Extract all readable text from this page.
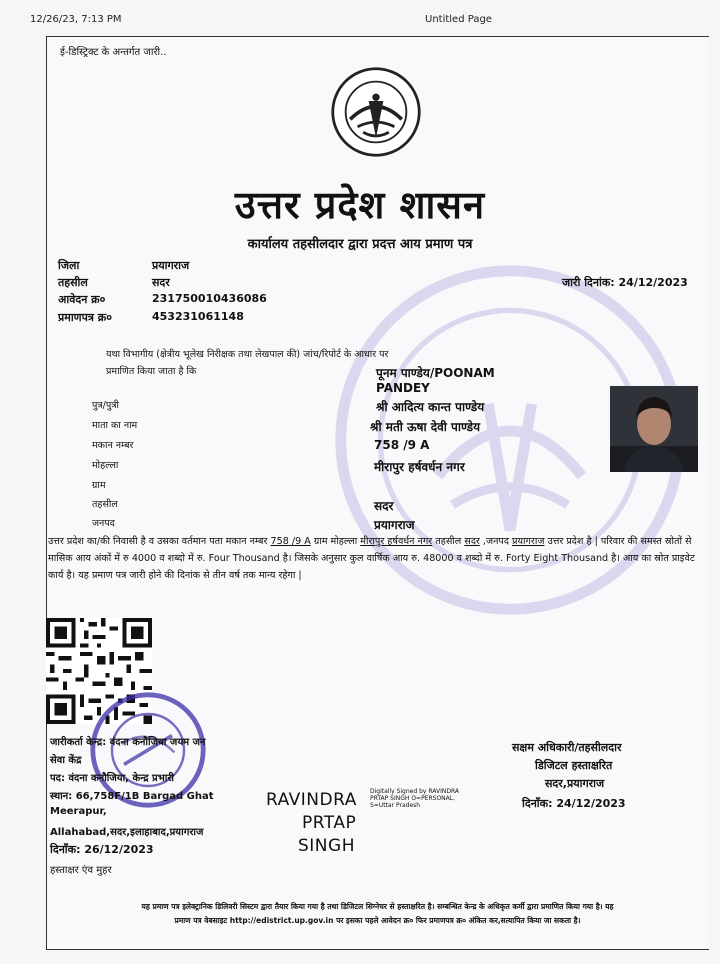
12/26/23, 7:13 PM	Untitled Page
ई-डिस्ट्रिक्ट के अन्तर्गत जारी..
उत्तर प्रदेश शासन
कार्यालय तहसीलदार द्वारा प्रदत्त आय प्रमाण पत्र
जिला	प्रयागराज
तहसील	सदर
आवेदन क्र०	231750010436086
प्रमाणपत्र क्र०	453231061148
जारी दिनांक: 24/12/2023
यथा विभागीय (क्षेत्रीय भूलेख निरीक्षक तथा लेखपाल की) जांच/रिपोर्ट के आधार पर
प्रमाणित किया जाता है कि	पूनम पाण्डेय/POONAM
PANDEY
पुत्र/पुत्री	श्री आदित्य कान्त पाण्डेय
माता का नाम	श्री मती ऊषा देवी पाण्डेय
मकान नम्बर	758 /9 A
मोहल्ला	मीरापुर हर्षवर्धन नगर
ग्राम
तहसील	सदर
जनपद	प्रयागराज
उत्तर प्रदेश का/की निवासी है व उसका वर्तमान पता मकान नम्बर 758 /9 A ग्राम मोहल्ला मीरापुर हर्षवर्धन नगर तहसील सदर ,जनपद प्रयागराज उत्तर प्रदेश है | परिवार की समस्त स्रोतों से मासिक आय अंकों में रु 4000 व शब्दो में रु. Four Thousand है। जिसके अनुसार कुल वार्षिक आय रु. 48000 व शब्दो में रु. Forty Eight Thousand है। आय का स्रोत प्राइवेट कार्य है। यह प्रमाण पत्र जारी होने की दिनांक से तीन वर्ष तक मान्य रहेगा |
जारीकर्ता केन्द्र: वंदना कनौजिया जयम जन
सेवा केंद्र
पद: वंदना कनौजिया, केन्द्र प्रभारी
स्थान: 66,758F/1B Bargad Ghat
Meerapur,
Allahabad,सदर,इलाहाबाद,प्रयागराज
दिनाँक: 26/12/2023
हस्ताक्षर एंव मुहर
RAVINDRA
PRTAP
SINGH
Digitally Signed by RAVINDRA PRTAP SINGH O=PERSONAL, S=Uttar Pradesh
सक्षम अधिकारी/तहसीलदार
डिजिटल हस्ताक्षरित
सदर,प्रयागराज
दिनाँक: 24/12/2023
यह प्रमाण पत्र इलेक्ट्रानिक डिलिवरी सिस्टम द्वारा तैयार किया गया है तथा डिजिटल सिग्नेचर से हस्ताक्षरित है। सम्बन्धित केन्द्र के अधिकृत कर्मी द्वारा प्रमाणित किया गया है। यह
प्रमाण पत्र वेबसाइट http://edistrict.up.gov.in पर इसका पहले आवेदन क्र० फिर प्रमाणपत्र क्र० अंकित कर,सत्यापित किया जा सकता है।
